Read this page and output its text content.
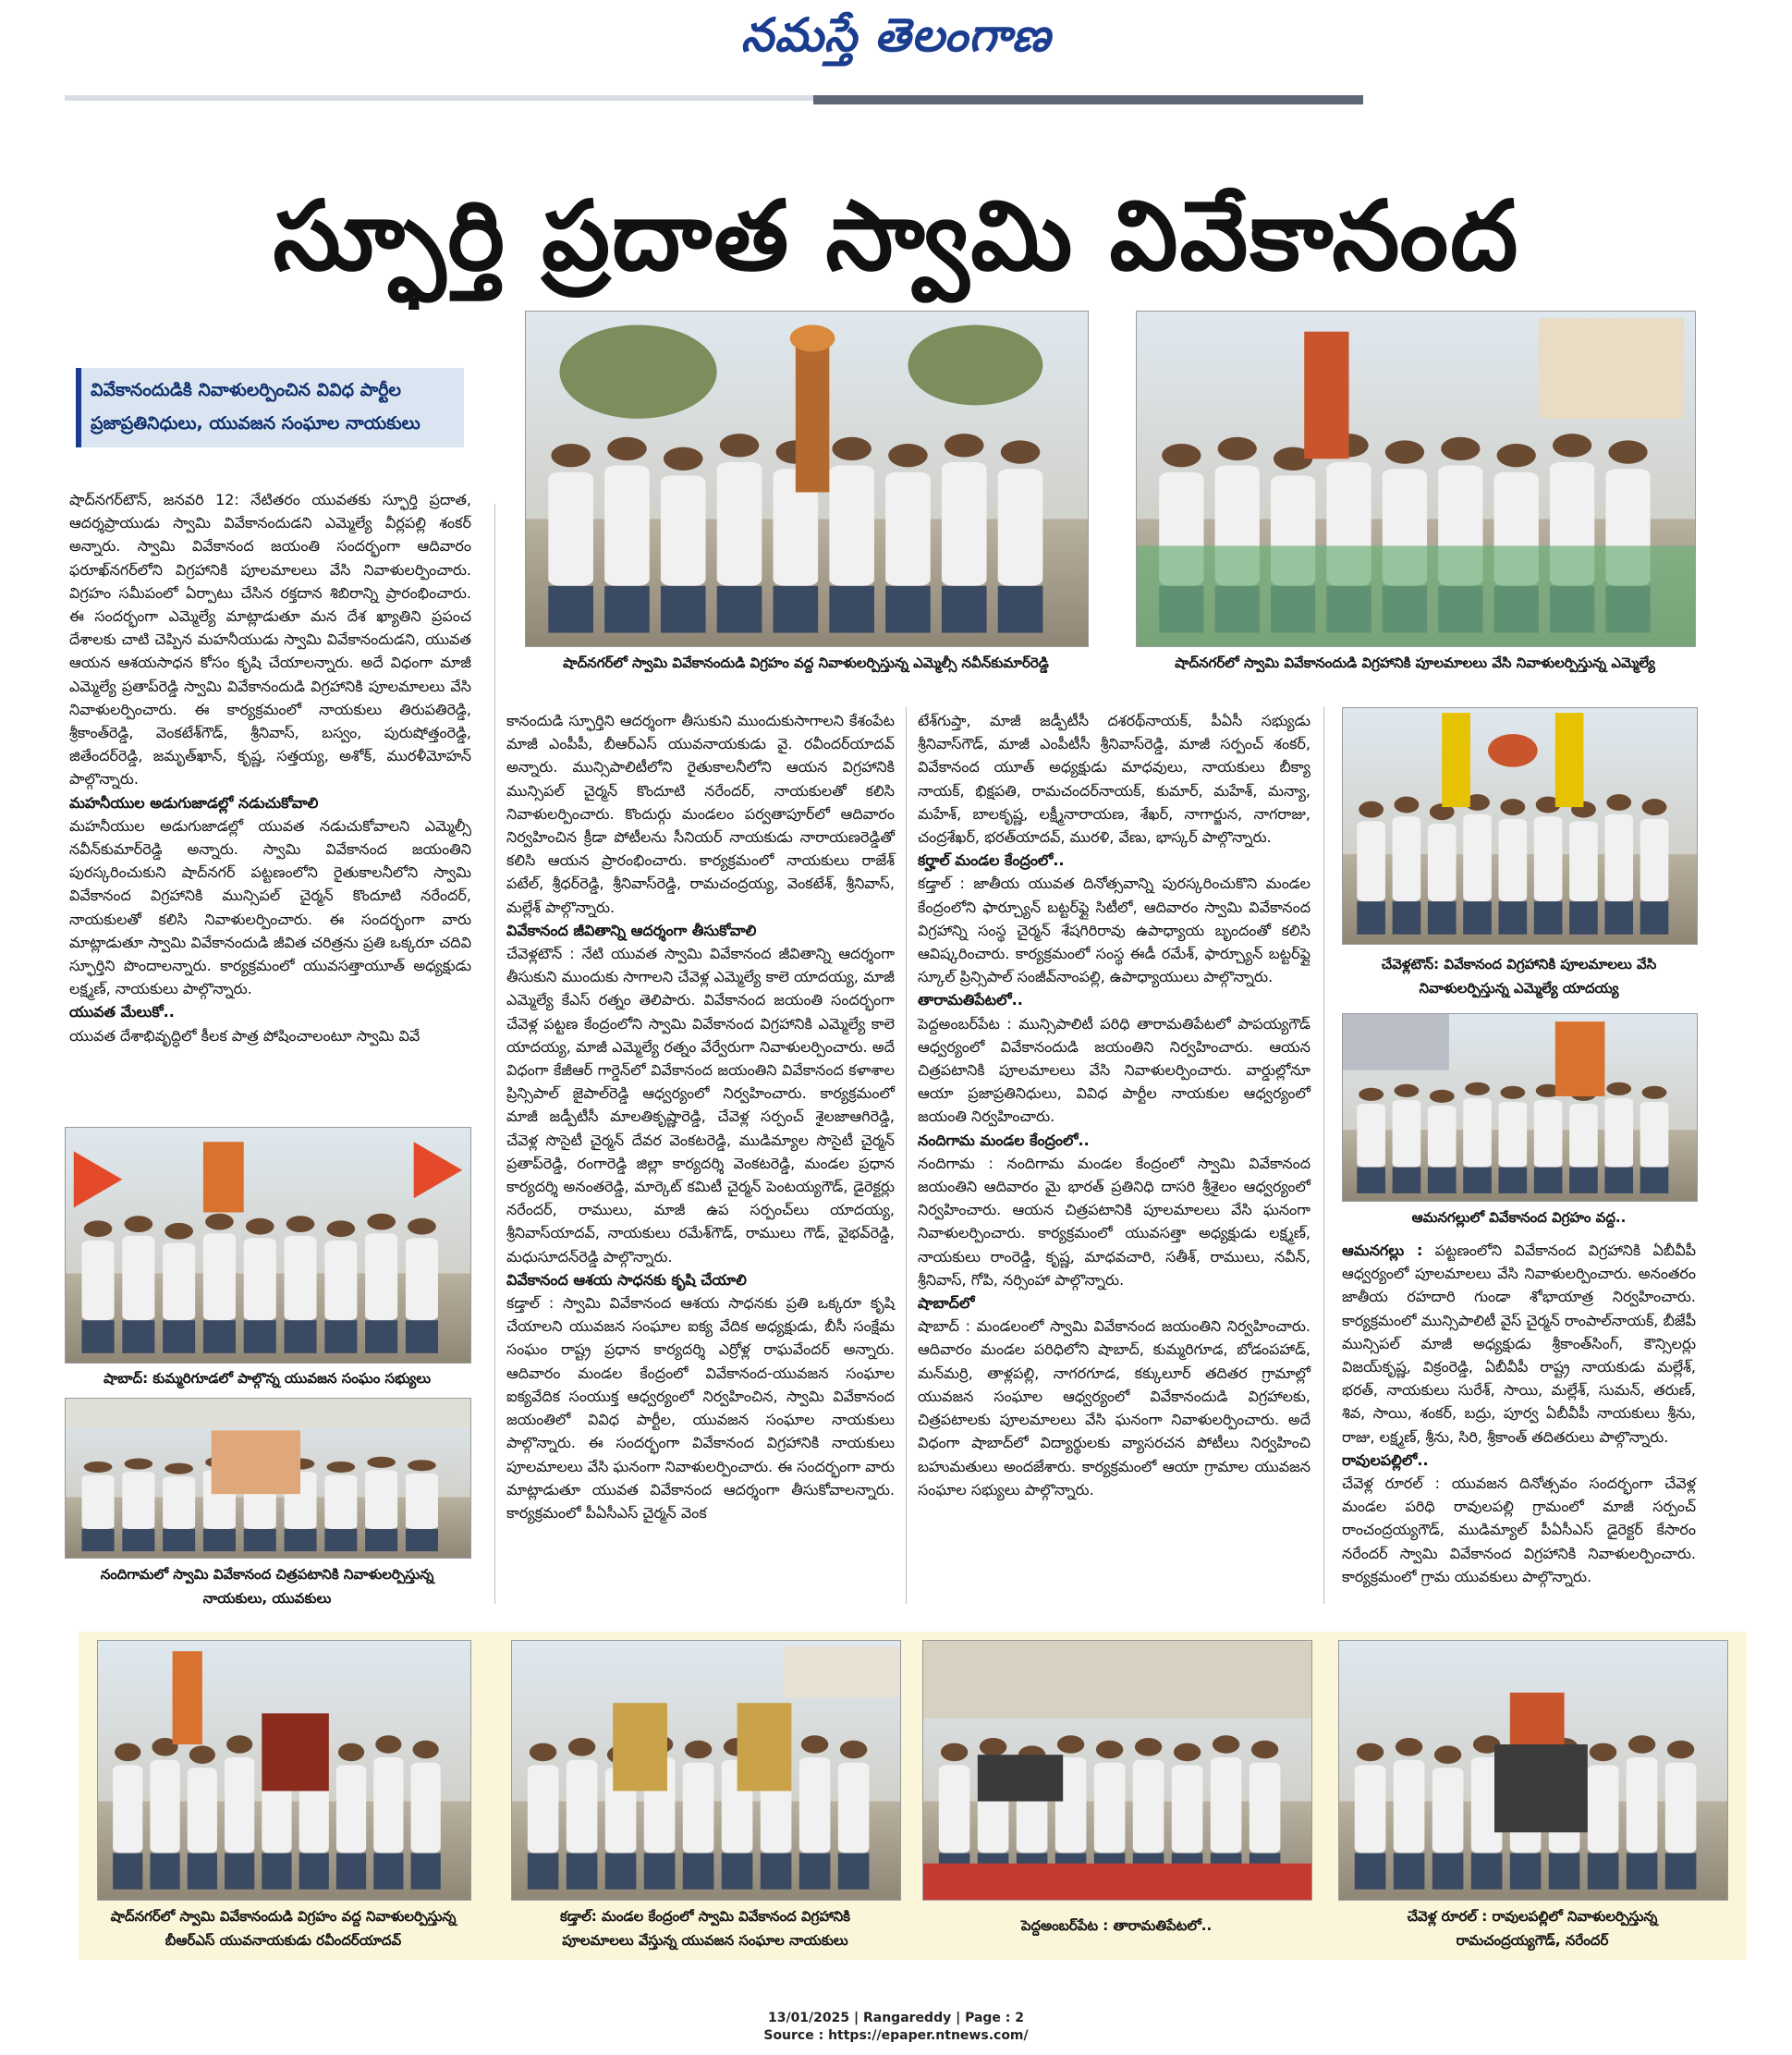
నమస్తే తెలంగాణ
స్ఫూర్తి ప్రదాత స్వామి వివేకానంద
వివేకానందుడికి నివాళులర్పించిన వివిధ పార్టీల
ప్రజాప్రతినిధులు, యువజన సంఘాల నాయకులు
షాద్‌నగర్‌లో స్వామి వివేకానందుడి విగ్రహం వద్ద నివాళులర్పిస్తున్న ఎమ్మెల్సీ నవీన్‌కుమార్‌రెడ్డి	షాద్‌నగర్‌లో స్వామి వివేకానందుడి విగ్రహానికి పూలమాలలు వేసి నివాళులర్పిస్తున్న ఎమ్మెల్యే
చేవెళ్లటౌన్‌: వివేకానంద విగ్రహానికి పూలమాలలు వేసి
నివాళులర్పిస్తున్న ఎమ్మెల్యే యాదయ్య
ఆమనగల్లులో వివేకానంద విగ్రహం వద్ద..
షాబాద్‌: కుమ్మరిగూడలో పాల్గొన్న యువజన సంఘం సభ్యులు
నందిగామలో స్వామి వివేకానంద చిత్రపటానికి నివాళులర్పిస్తున్న
నాయకులు, యువకులు

షాద్‌నగర్‌టౌన్‌, జనవరి 12: నేటితరం యువతకు స్ఫూర్తి ప్రదాత, ఆదర్శప్రాయుడు స్వామి వివేకానందుడని ఎమ్మెల్యే వీర్లపల్లి శంకర్‌ అన్నారు. స్వామి వివేకానంద జయంతి సందర్భంగా ఆదివారం ఫరూఖ్‌నగర్‌లోని విగ్రహానికి పూలమాలలు వేసి నివాళులర్పించారు. విగ్రహం సమీపంలో ఏర్పాటు చేసిన రక్తదాన శిబిరాన్ని ప్రారంభించారు. ఈ సందర్భంగా ఎమ్మెల్యే మాట్లాడుతూ మన దేశ ఖ్యాతిని ప్రపంచ దేశాలకు చాటి చెప్పిన మహనీయుడు స్వామి వివేకానందుడని, యువత ఆయన ఆశయసాధన కోసం కృషి చేయాలన్నారు. అదే విధంగా మాజీ ఎమ్మెల్యే ప్రతాప్‌రెడ్డి స్వామి వివేకానందుడి విగ్రహానికి పూలమాలలు వేసి నివాళులర్పించారు. ఈ కార్యక్రమంలో నాయకులు తిరుపతిరెడ్డి, శ్రీకాంత్‌రెడ్డి, వెంకటేశ్‌గౌడ్‌, శ్రీనివాస్‌, బస్వం, పురుషోత్తంరెడ్డి, జితేందర్‌రెడ్డి, జమృత్‌ఖాన్‌, కృష్ణ, సత్తయ్య, అశోక్‌, మురళీమోహన్‌ పాల్గొన్నారు.

మహనీయుల అడుగుజాడల్లో నడుచుకోవాలి

మహనీయుల అడుగుజాడల్లో యువత నడుచుకోవాలని ఎమ్మెల్సీ నవీన్‌కుమార్‌రెడ్డి అన్నారు. స్వామి వివేకానంద జయంతిని పురస్కరించుకుని షాద్‌నగర్‌ పట్టణంలోని రైతుకాలనీలోని స్వామి వివేకానంద విగ్రహానికి మున్సిపల్‌ చైర్మన్‌ కొందూటి నరేందర్‌, నాయకులతో కలిసి నివాళులర్పించారు. ఈ సందర్భంగా వారు మాట్లాడుతూ స్వామి వివేకానందుడి జీవిత చరిత్రను ప్రతి ఒక్కరూ చదివి స్ఫూర్తిని పొందాలన్నారు. కార్యక్రమంలో యువసత్తాయూత్‌ అధ్యక్షుడు లక్ష్మణ్‌, నాయకులు పాల్గొన్నారు.

యువత మేలుకో..

యువత దేశాభివృద్ధిలో కీలక పాత్ర పోషించాలంటూ స్వామి వివే

కానందుడి స్ఫూర్తిని ఆదర్శంగా తీసుకుని ముందుకుసాగాలని కేశంపేట మాజీ ఎంపీపీ, బీఆర్‌ఎస్‌ యువనాయకుడు వై. రవీందర్‌యాదవ్‌ అన్నారు. మున్సిపాలిటీలోని రైతుకాలనీలోని ఆయన విగ్రహానికి మున్సిపల్‌ చైర్మన్‌ కొందూటి నరేందర్‌, నాయకులతో కలిసి నివాళులర్పించారు. కొందుర్గు మండలం పర్వతాపూర్‌లో ఆదివారం నిర్వహించిన క్రీడా పోటీలను సీనియర్‌ నాయకుడు నారాయణరెడ్డితో కలిసి ఆయన ప్రారంభించారు. కార్యక్రమంలో నాయకులు రాజేశ్‌ పటేల్‌, శ్రీధర్‌రెడ్డి, శ్రీనివాస్‌రెడ్డి, రామచంద్రయ్య, వెంకటేశ్‌, శ్రీనివాస్‌, మల్లేశ్‌ పాల్గొన్నారు.

వివేకానంద జీవితాన్ని ఆదర్శంగా తీసుకోవాలి

చేవెళ్లటౌన్‌ : నేటి యువత స్వామి వివేకానంద జీవితాన్ని ఆదర్శంగా తీసుకుని ముందుకు సాగాలని చేవెళ్ల ఎమ్మెల్యే కాలె యాదయ్య, మాజీ ఎమ్మెల్యే కేఎస్‌ రత్నం తెలిపారు. వివేకానంద జయంతి సందర్భంగా చేవెళ్ల పట్టణ కేంద్రంలోని స్వామి వివేకానంద విగ్రహానికి ఎమ్మెల్యే కాలె యాదయ్య, మాజీ ఎమ్మెల్యే రత్నం వేర్వేరుగా నివాళులర్పించారు. అదే విధంగా కేజీఆర్‌ గార్డెన్‌లో వివేకానంద జయంతిని వివేకానంద కళాశాల ప్రిన్సిపాల్‌ జైపాల్‌రెడ్డి ఆధ్వర్యంలో నిర్వహించారు. కార్యక్రమంలో మాజీ జడ్పీటీసీ మాలతికృష్ణారెడ్డి, చేవెళ్ల సర్పంచ్‌ శైలజాఆగిరెడ్డి, చేవెళ్ల సొసైటీ చైర్మన్‌ దేవర వెంకటరెడ్డి, ముడిమ్యాల సొసైటీ చైర్మన్‌ ప్రతాప్‌రెడ్డి, రంగారెడ్డి జిల్లా కార్యదర్శి వెంకటరెడ్డి, మండల ప్రధాన కార్యదర్శి అనంతరెడ్డి, మార్కెట్‌ కమిటీ చైర్మన్‌ పెంటయ్యగౌడ్‌, డైరెక్టర్లు నరేందర్‌, రాములు, మాజీ ఉప సర్పంచ్‌లు యాదయ్య, శ్రీనివాస్‌యాదవ్‌, నాయకులు రమేశ్‌గౌడ్‌, రాములు గౌడ్‌, వైభవ్‌రెడ్డి, మధుసూదన్‌రెడ్డి పాల్గొన్నారు.

వివేకానంద ఆశయ సాధనకు కృషి చేయాలి

కడ్తాల్‌ : స్వామి వివేకానంద ఆశయ సాధనకు ప్రతి ఒక్కరూ కృషి చేయాలని యువజన సంఘాల ఐక్య వేదిక అధ్యక్షుడు, బీసీ సంక్షేమ సంఘం రాష్ట్ర ప్రధాన కార్యదర్శి ఎర్రోళ్ల రాఘవేందర్‌ అన్నారు. ఆదివారం మండల కేంద్రంలో వివేకానంద-యువజన సంఘాల ఐక్యవేదిక సంయుక్త ఆధ్వర్యంలో నిర్వహించిన, స్వామి వివేకానంద జయంతిలో వివిధ పార్టీల, యువజన సంఘాల నాయకులు పాల్గొన్నారు. ఈ సందర్భంగా వివేకానంద విగ్రహానికి నాయకులు పూలమాలలు వేసి ఘనంగా నివాళులర్పించారు. ఈ సందర్భంగా వారు మాట్లాడుతూ యువత వివేకానంద ఆదర్శంగా తీసుకోవాలన్నారు. కార్యక్రమంలో పీఏసీఎస్‌ చైర్మన్‌ వెంక

టేశ్‌గుప్తా, మాజీ జడ్పీటీసీ దశరథ్‌నాయక్‌, పీఏసీ సభ్యుడు శ్రీనివాస్‌గౌడ్‌, మాజీ ఎంపీటీసీ శ్రీనివాస్‌రెడ్డి, మాజీ సర్పంచ్‌ శంకర్‌, వివేకానంద యూత్‌ అధ్యక్షుడు మాధవులు, నాయకులు బీక్యా నాయక్‌, భిక్షపతి, రామచందర్‌నాయక్‌, కుమార్‌, మహేశ్‌, మన్యా, మహేశ్‌, బాలకృష్ణ, లక్ష్మీనారాయణ, శేఖర్‌, నాగార్జున, నాగరాజు, చంద్రశేఖర్‌, భరత్‌యాదవ్‌, మురళి, వేణు, భాస్కర్‌ పాల్గొన్నారు.

కర్హాల్‌ మండల కేంద్రంలో..

కడ్తాల్‌ : జాతీయ యువత దినోత్సవాన్ని పురస్కరించుకొని మండల కేంద్రంలోని ఫార్చ్యూన్‌ బట్టర్‌ఫ్లై సిటీలో, ఆదివారం స్వామి వివేకానంద విగ్రహాన్ని సంస్థ చైర్మన్‌ శేషగిరిరావు ఉపాధ్యాయ బృందంతో కలిసి ఆవిష్కరించారు. కార్యక్రమంలో సంస్థ ఈడీ రమేశ్‌, ఫార్చ్యూన్‌ బట్టర్‌ఫ్లై స్కూల్‌ ప్రిన్సిపాల్‌ సంజీవ్‌నాంపల్లి, ఉపాధ్యాయులు పాల్గొన్నారు.

తారామతిపేటలో..

పెద్దఅంబర్‌పేట : మున్సిపాలిటీ పరిధి తారామతిపేటలో పాపయ్యగౌడ్‌ ఆధ్వర్యంలో వివేకానందుడి జయంతిని నిర్వహించారు. ఆయన చిత్రపటానికి పూలమాలలు వేసి నివాళులర్పించారు. వార్డుల్లోనూ ఆయా ప్రజాప్రతినిధులు, వివిధ పార్టీల నాయకుల ఆధ్వర్యంలో జయంతి నిర్వహించారు.

నందిగామ మండల కేంద్రంలో..

నందిగామ : నందిగామ మండల కేంద్రంలో స్వామి వివేకానంద జయంతిని ఆదివారం మై భారత్‌ ప్రతినిధి దాసరి శ్రీశైలం ఆధ్వర్యంలో నిర్వహించారు. ఆయన చిత్రపటానికి పూలమాలలు వేసి ఘనంగా నివాళులర్పించారు. కార్యక్రమంలో యువసత్తా అధ్యక్షుడు లక్ష్మణ్‌, నాయకులు రాంరెడ్డి, కృష్ణ, మాధవచారి, సతీశ్‌, రాములు, నవీన్‌, శ్రీనివాస్‌, గోపి, నర్సింహా పాల్గొన్నారు.

షాబాద్‌లో

షాబాద్‌ : మండలంలో స్వామి వివేకానంద జయంతిని నిర్వహించారు. ఆదివారం మండల పరిధిలోని షాబాద్‌, కుమ్మరిగూడ, బోడంపహాడ్‌, మన్‌మర్రి, తాళ్లపల్లి, నాగరగూడ, కక్కులూర్‌ తదితర గ్రామాల్లో యువజన సంఘాల ఆధ్వర్యంలో వివేకానందుడి విగ్రహాలకు, చిత్రపటాలకు పూలమాలలు వేసి ఘనంగా నివాళులర్పించారు. అదే విధంగా షాబాద్‌లో విద్యార్థులకు వ్యాసరచన పోటీలు నిర్వహించి బహుమతులు అందజేశారు. కార్యక్రమంలో ఆయా గ్రామాల యువజన సంఘాల సభ్యులు పాల్గొన్నారు.

ఆమనగల్లు : పట్టణంలోని వివేకానంద విగ్రహానికి ఏబీవీపీ ఆధ్వర్యంలో పూలమాలలు వేసి నివాళులర్పించారు. అనంతరం జాతీయ రహదారి గుండా శోభాయాత్ర నిర్వహించారు. కార్యక్రమంలో మున్సిపాలిటీ వైస్‌ చైర్మన్‌ రాంపాల్‌నాయక్‌, బీజేపీ మున్సిపల్‌ మాజీ అధ్యక్షుడు శ్రీకాంత్‌సింగ్‌, కౌన్సిలర్లు విజయ్‌కృష్ణ, విక్రంరెడ్డి, ఏబీవీపీ రాష్ట్ర నాయకుడు మల్లేశ్‌, భరత్‌, నాయకులు సురేశ్‌, సాయి, మల్లేశ్‌, సుమన్‌, తరుణ్‌, శివ, సాయి, శంకర్‌, బద్రు, పూర్వ ఏబీవీపీ నాయకులు శ్రీను, రాజు, లక్ష్మణ్‌, శ్రీను, సిరి, శ్రీకాంత్‌ తదితరులు పాల్గొన్నారు.

రావులపల్లిలో..

చేవెళ్ల రూరల్‌ : యువజన దినోత్సవం సందర్భంగా చేవెళ్ల మండల పరిధి రావులపల్లి గ్రామంలో మాజీ సర్పంచ్‌ రాంచంద్రయ్యగౌడ్‌, ముడిమ్యాల్‌ పీఏసీఎస్‌ డైరెక్టర్‌ కేసారం నరేందర్‌ స్వామి వివేకానంద విగ్రహానికి నివాళులర్పించారు. కార్యక్రమంలో గ్రామ యువకులు పాల్గొన్నారు.

షాద్‌నగర్‌లో స్వామి వివేకానందుడి విగ్రహం వద్ద నివాళులర్పిస్తున్న
బీఆర్‌ఎస్‌ యువనాయకుడు రవీందర్‌యాదవ్‌
కడ్తాల్‌: మండల కేంద్రంలో స్వామి వివేకానంద విగ్రహానికి
పూలమాలలు వేస్తున్న యువజన సంఘాల నాయకులు
పెద్దఅంబర్‌పేట : తారామతిపేటలో..
చేవెళ్ల రూరల్‌ : రావులపల్లిలో నివాళులర్పిస్తున్న
రామచంద్రయ్యగౌడ్‌, నరేందర్‌
13/01/2025 | Rangareddy | Page : 2
Source : https://epaper.ntnews.com/
